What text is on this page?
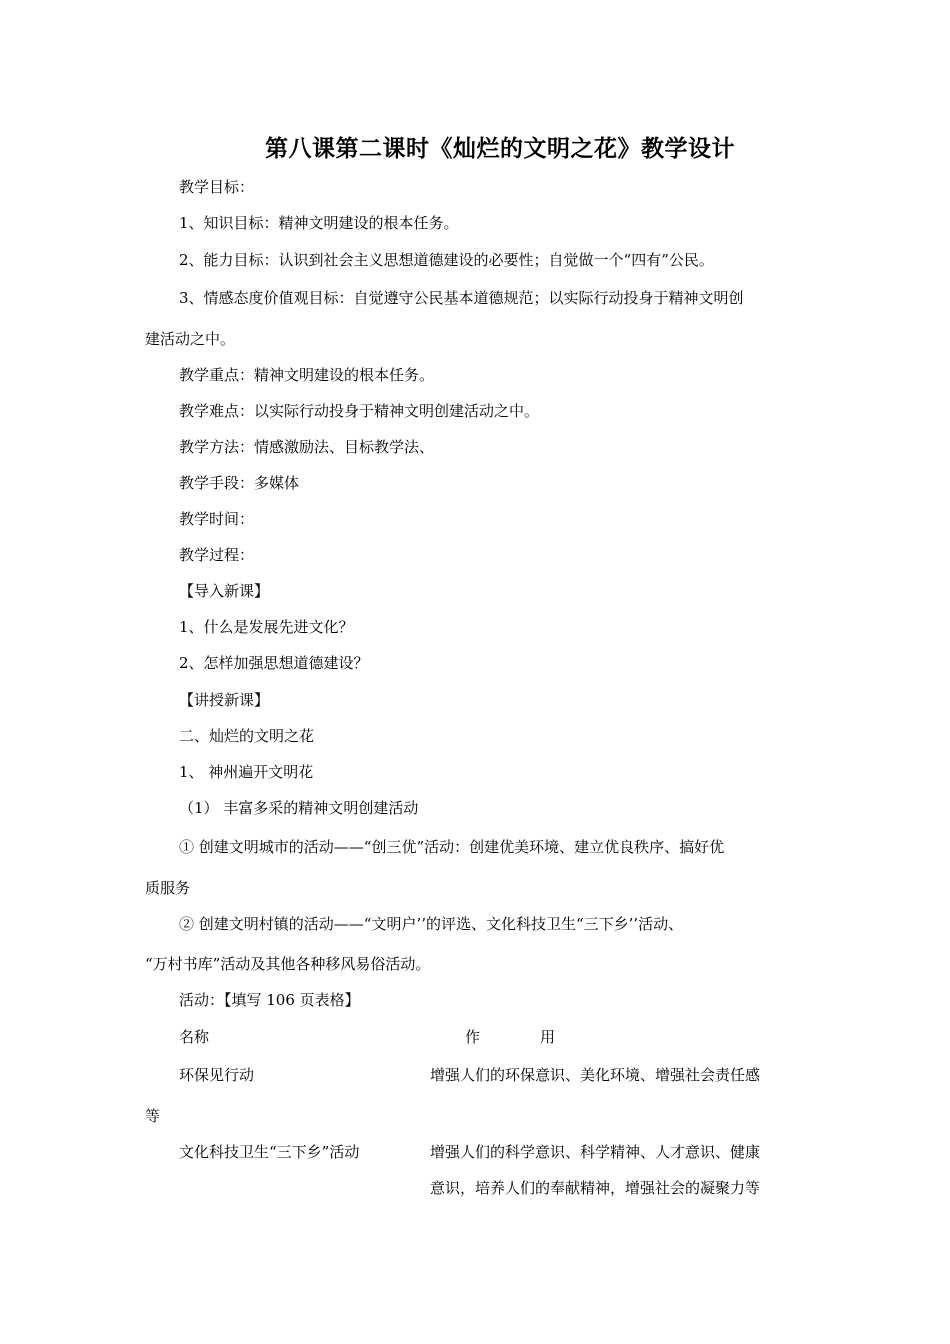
第八课第二课时《灿烂的文明之花》教学设计
教学目标：
1、知识目标：精神文明建设的根本任务。
2、能力目标：认识到社会主义思想道德建设的必要性；自觉做一个“四有”公民。
3、情感态度价值观目标：自觉遵守公民基本道德规范；以实际行动投身于精神文明创
建活动之中。
教学重点：精神文明建设的根本任务。
教学难点：以实际行动投身于精神文明创建活动之中。
教学方法：情感激励法、目标教学法、
教学手段：多媒体
教学时间：
教学过程：
【导入新课】
1、什么是发展先进文化？
2、怎样加强思想道德建设？
【讲授新课】
二、灿烂的文明之花
1、 神州遍开文明花
（1） 丰富多采的精神文明创建活动
① 创建文明城市的活动——“创三优”活动：创建优美环境、建立优良秩序、搞好优
质服务
② 创建文明村镇的活动——“文明户’’的评选、文化科技卫生“三下乡’’活动、
“万村书库”活动及其他各种移风易俗活动。
活动：【填写 106 页表格】
名称	作　　　　用
环保见行动	增强人们的环保意识、美化环境、增强社会责任感
等
文化科技卫生“三下乡”活动	增强人们的科学意识、科学精神、人才意识、健康
意识，培养人们的奉献精神，增强社会的凝聚力等
